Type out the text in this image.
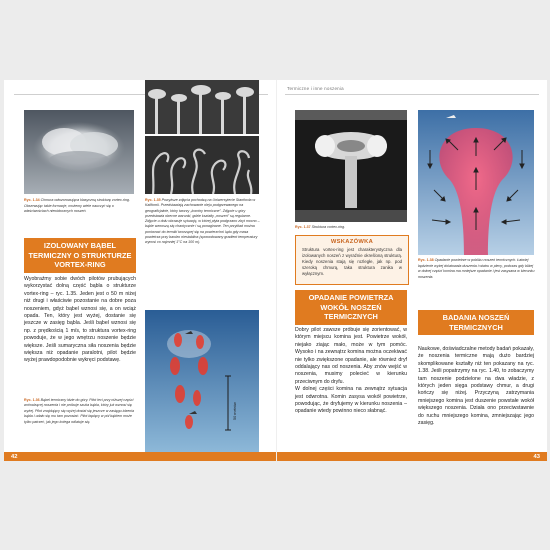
Ryc. 1.34 Chmura odwzorowująca klasyczną strukturę vortex-ring. Obserwując takie formacje, możemy wiele nauczyć się o właściwościach niewidocznych noszeń.
Ryc. 1.35 Powyższe zdjęcia pochodzą na Uniwersytecie Stanforda w Kalifornii. Przedstawiają zachowanie oleju podgrzewanego na geograficjalnie, który tworzy „kominy termiczne". Zdjęcie u góry przedstawia obecne warunki, gdzie kształty „noszeń" są regularne. Zdjęcie u dołu obrazuje sytuację, w której płyta podgrzano zbyt mocno – bąble wznoszą się chaotycznie i są ponaginane. Ten przykład można porównać do termiki tworzącej się na powierzchni lądu gdy masa powietrza przy bardzo niestabilna (spowodowany gradient temperatury wynosi co najmniej 1°C na 100 m).
IZOLOWANY BĄBEL TERMICZNY O STRUKTURZE VORTEX-RING

Wyobraźmy sobie dwóch pilotów prubujących wykorzystać dolną część bąbla o strukturze vortex-ring – ryc. 1.35. Jeden jest o 50 m niżej niż drugi i właściwie pozostanie na dobre poza noszeniem, gdyż bąbel wznosi się, a on wciąż opada. Ten, który jest wyżej, dostanie się jeszcze w zasięg bąbla. Jeśli bąbel wznosi się np. z prędkością 1 m/s, to struktura vortex-ring powoduje, że w jego wnętrzu noszenie będzie większe. Jeśli sumaryczna siła noszenia będzie większa niż opadanie paralotni, pilot będzie wyżej prawdopodobnie wykręci podstawę.

Ryc. 1.36 Bąbel termiczny idzie do góry. Pilot leci przy niższej części wchodzącej noszenia i nie próbuje szuka bąbla, który już wznosi się wyżej. Pilot znajdujący się wyżej dostał się jeszcze w zasięgu idzenia bąbla i udało się mu tam pozostać. Pilot będący w pół bąblem może tylko patrzeć, jak jego kolega odlatuje się.
50 metrów
42
Termiczne i inne noszenia
Ryc. 1.37 Struktura vortex-ring.
WSKAZÓWKA

Struktura vortex-ring jest charakterystyczna dla izolowanych noszeń z wyraźnie określoną strukturą. Kiedy noszenia stają się rozległe, jak np. pod szeroką chmurą, taka struktura zanika w wyłącznym.

OPADANIE POWIETRZA WOKÓŁ NOSZEŃ TERMICZNYCH

Dobry pilot zawsze próbuje się zorientować, w którym miejscu komina jest. Powietrze wokół, niejako ziając mało, może w tym pomóc. Wysoko i na zewnątrz komina można oczekiwać nie tylko zwiększone opadanie, ale również dryf oddalający nas od noszenia. Aby znów wejść w noszenia, musimy polecieć w kierunku przeciwnym do dryfu.
W dolnej części komina na zewnątrz sytuacja jest odwrotna. Komin zasysa wokół powietrze, powodując, że dryfujemy w kierunku noszenia – opadanie wtedy powinno nieco słabnąć.

Ryc. 1.38 Opadanie powietrze w pobliżu noszeń termicznych. Łatwiej będziecie wyżej dolatowała duszenia i wiatru w plecy, podczas gdy bliżej w dolnej części komina ma mniejsze opadanie i jest zasysana w kierunku noszenia.
BADANIA NOSZEŃ TERMICZNYCH

Naukowe, doświadczalne metody badań pokazały, że noszenia termiczne mają dużo bardziej skomplikowane kształty niż ten pokazany na ryc. 1.38. Jeśli popatrzymy na ryc. 1.40, to zobaczymy tam noszenie podzielone na dwa władzie, z których jeden sięga podstawy chmur, a drugi kończy się niżej. Przyczyną zatrzymania mniejszego komina jest duszenie powstałe wokół większego noszenia. Działa ono przeciwstawnie do ruchu mniejszego komina, zmniejszając jego zasięg.

43
